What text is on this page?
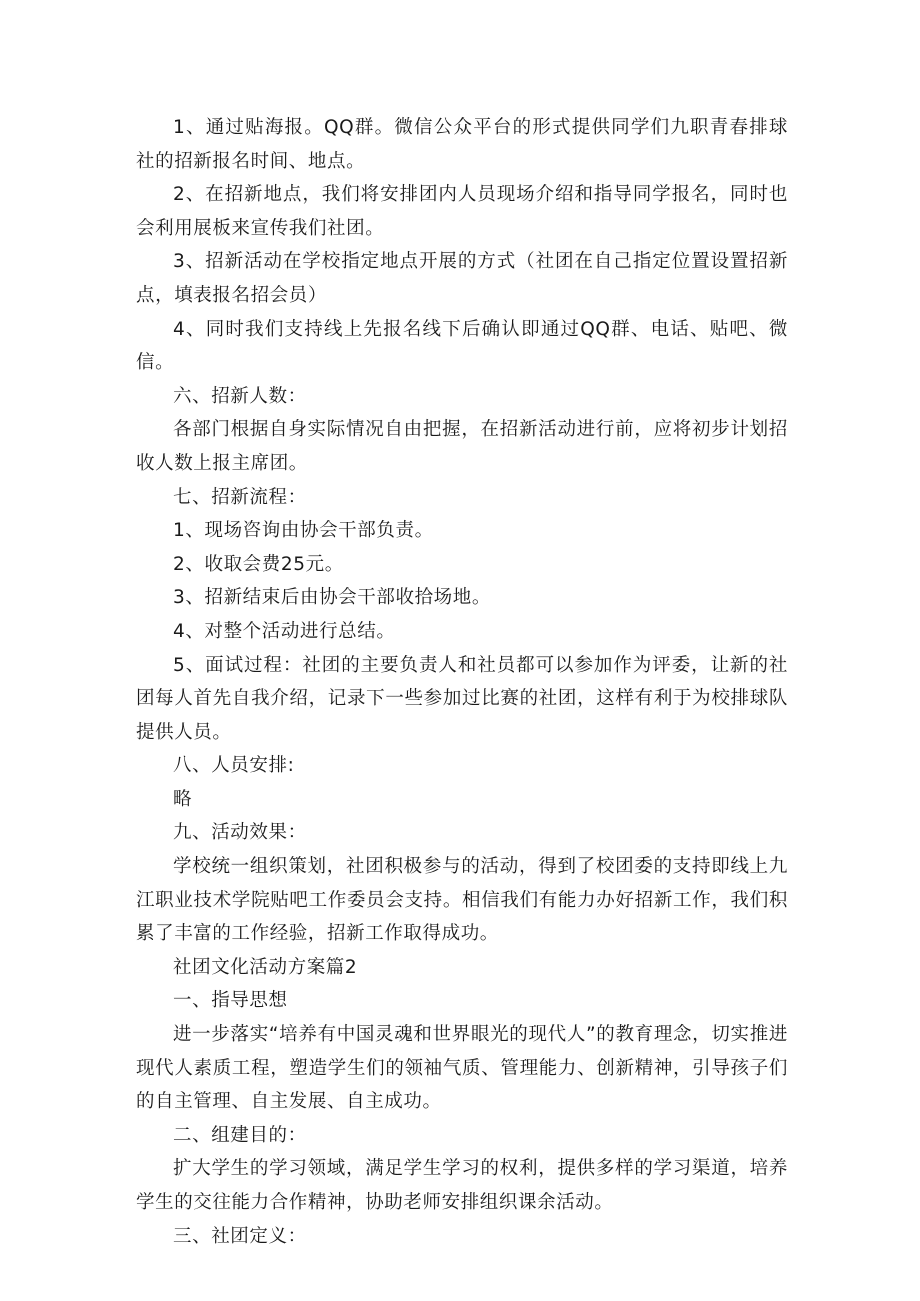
1、通过贴海报。QQ群。微信公众平台的形式提供同学们九职青春排球社的招新报名时间、地点。

2、在招新地点，我们将安排团内人员现场介绍和指导同学报名，同时也会利用展板来宣传我们社团。

3、招新活动在学校指定地点开展的方式（社团在自己指定位置设置招新点，填表报名招会员）

4、同时我们支持线上先报名线下后确认即通过QQ群、电话、贴吧、微信。

六、招新人数：

各部门根据自身实际情况自由把握，在招新活动进行前，应将初步计划招收人数上报主席团。

七、招新流程：

1、现场咨询由协会干部负责。

2、收取会费25元。

3、招新结束后由协会干部收拾场地。

4、对整个活动进行总结。

5、面试过程：社团的主要负责人和社员都可以参加作为评委，让新的社团每人首先自我介绍，记录下一些参加过比赛的社团，这样有利于为校排球队提供人员。

八、人员安排:

略

九、活动效果：

学校统一组织策划，社团积极参与的活动，得到了校团委的支持即线上九江职业技术学院贴吧工作委员会支持。相信我们有能力办好招新工作，我们积累了丰富的工作经验，招新工作取得成功。

社团文化活动方案篇2

一、指导思想

进一步落实“培养有中国灵魂和世界眼光的现代人”的教育理念，切实推进现代人素质工程，塑造学生们的领袖气质、管理能力、创新精神，引导孩子们的自主管理、自主发展、自主成功。

二、组建目的：

扩大学生的学习领域，满足学生学习的权利，提供多样的学习渠道，培养学生的交往能力合作精神，协助老师安排组织课余活动。

三、社团定义：
